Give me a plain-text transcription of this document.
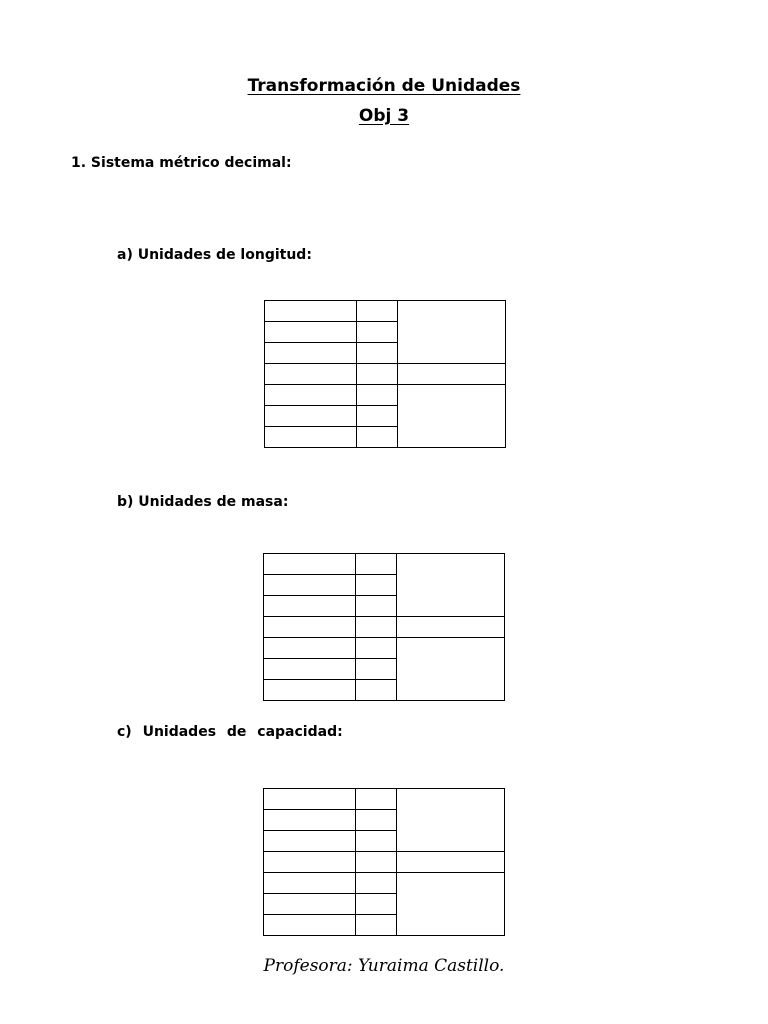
Transformación de Unidades
Obj 3
1. Sistema métrico decimal:
a) Unidades de longitud:

b) Unidades de masa:

c) Unidades de capacidad:

Profesora: Yuraima Castillo.
